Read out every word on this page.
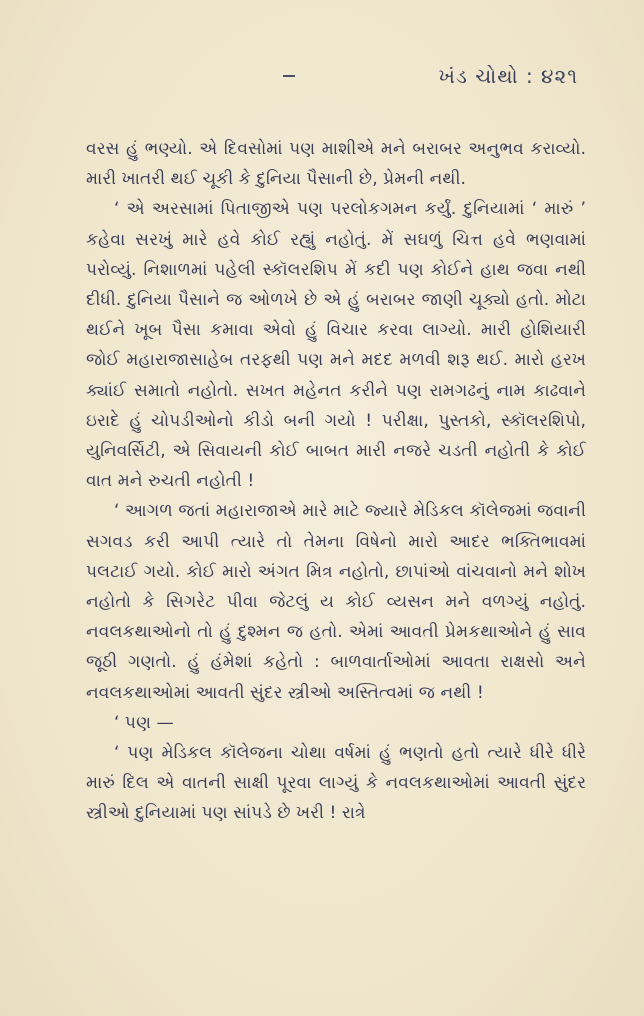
ખંડ ચોથો : ૪૨૧

વરસ હું ભણ્યો. એ દિવસોમાં પણ માશીએ મને બરાબર અનુભવ કરાવ્યો. મારી ખાતરી થઈ ચૂકી કે દુનિયા પૈસાની છે, પ્રેમની નથી.

‘ એ અરસામાં પિતાજીએ પણ પરલોકગમન કર્યું. દુનિયામાં ‘ મારું ’ કહેવા સરખું મારે હવે કોઈ રહ્યું નહોતું. મેં સઘળું ચિત્ત હવે ભણવામાં પરોવ્યું. નિશાળમાં પહેલી સ્કૉલરશિપ મેં કદી પણ કોઈને હાથ જવા નથી દીધી. દુનિયા પૈસાને જ ઓળખે છે એ હું બરાબર જાણી ચૂક્યો હતો. મોટા થઈને ખૂબ પૈસા કમાવા એવો હું વિચાર કરવા લાગ્યો. મારી હોશિયારી જોઈ મહારાજાસાહેબ તરફથી પણ મને મદદ મળવી શરૂ થઈ. મારો હરખ ક્યાંઈ સમાતો નહોતો. સખત મહેનત કરીને પણ રામગઢનું નામ કાઢવાને ઇરાદે હું ચોપડીઓનો કીડો બની ગયો ! પરીક્ષા, પુસ્તકો, સ્કૉલરશિપો, યુનિવર્સિટી, એ સિવાયની કોઈ બાબત મારી નજરે ચડતી નહોતી કે કોઈ વાત મને રુચતી નહોતી !

‘ આગળ જતાં મહારાજાએ મારે માટે જ્યારે મેડિકલ કૉલેજમાં જવાની સગવડ કરી આપી ત્યારે તો તેમના વિષેનો મારો આદર ભક્તિભાવમાં પલટાઈ ગયો. કોઈ મારો અંગત મિત્ર નહોતો, છાપાંઓ વાંચવાનો મને શોખ નહોતો કે સિગરેટ પીવા જેટલું ય કોઈ વ્યસન મને વળગ્યું નહોતું. નવલકથાઓનો તો હું દુશ્મન જ હતો. એમાં આવતી પ્રેમકથાઓને હું સાવ જૂઠી ગણતો. હું હંમેશાં કહેતો : બાળવાર્તાઓમાં આવતા રાક્ષસો અને નવલકથાઓમાં આવતી સુંદર સ્ત્રીઓ અસ્તિત્વમાં જ નથી !

‘ પણ —

‘ પણ મેડિકલ કૉલેજના ચોથા વર્ષમાં હું ભણતો હતો ત્યારે ધીરે ધીરે મારું દિલ એ વાતની સાક્ષી પૂરવા લાગ્યું કે નવલકથાઓમાં આવતી સુંદર સ્ત્રીઓ દુનિયામાં પણ સાંપડે છે ખરી ! રાત્રે
